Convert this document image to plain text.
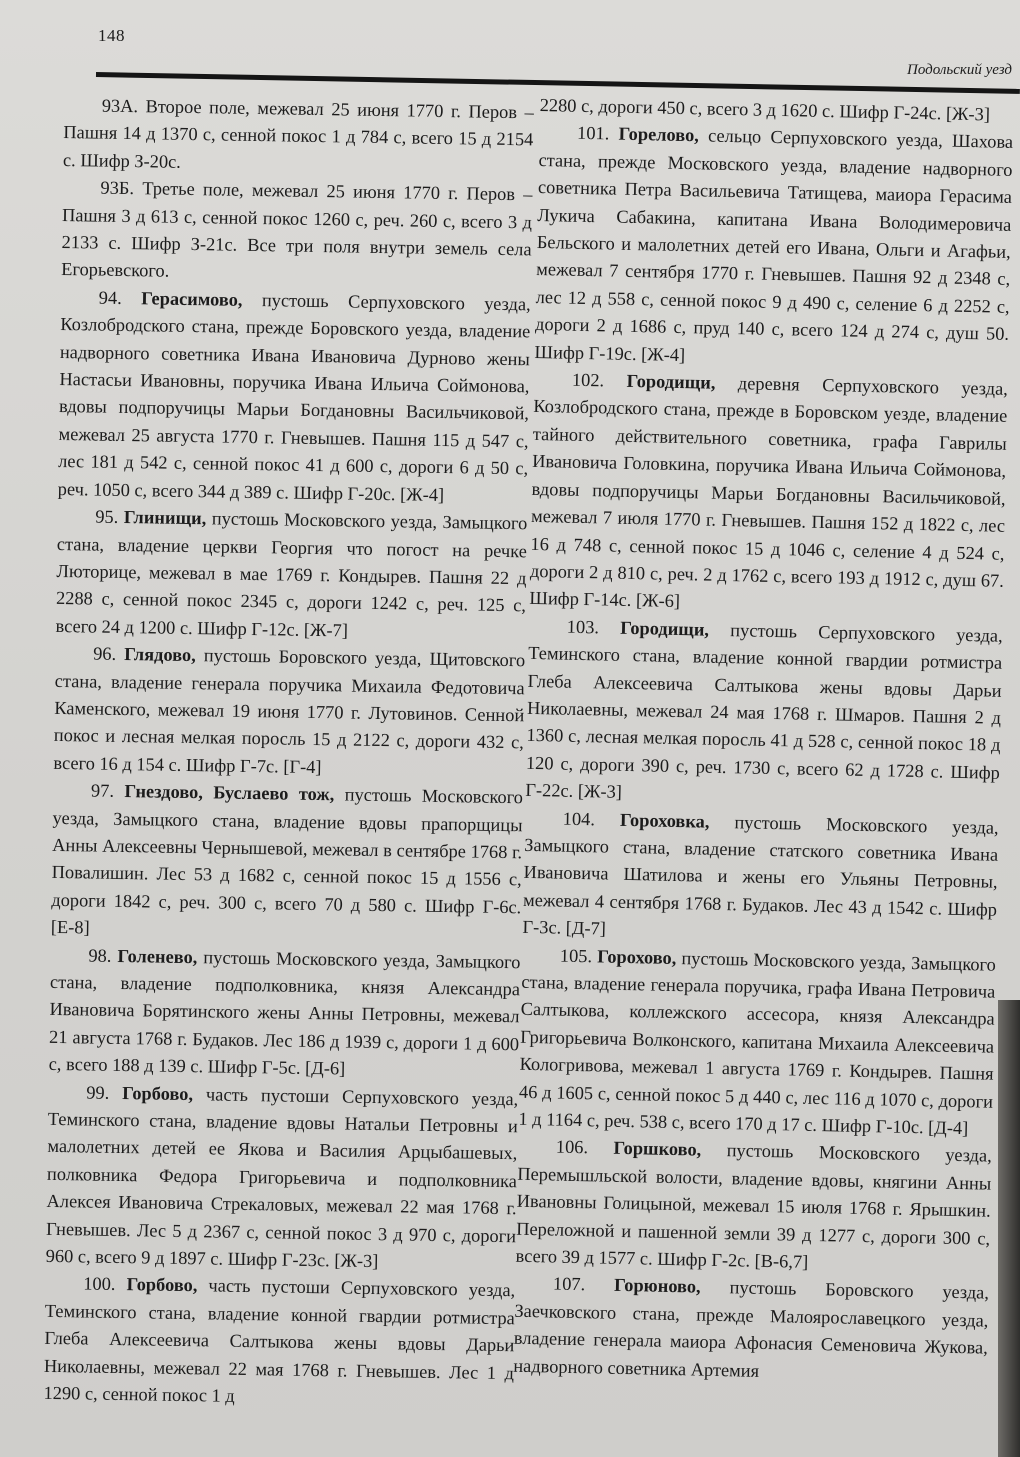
148
Подольский уезд

93А. Второе поле, межевал 25 июня 1770 г. Перов – Пашня 14 д 1370 с, сенной покос 1 д 784 с, всего 15 д 2154 с. Шифр З-20с.

93Б. Третье поле, межевал 25 июня 1770 г. Перов – Пашня 3 д 613 с, сенной покос 1260 с, реч. 260 с, всего 3 д 2133 с. Шифр З-21с. Все три поля внутри земель села Егорьевского.

94. Герасимово, пустошь Серпуховского уезда, Козлобродского стана, прежде Боровского уезда, владение надворного советника Ивана Ивановича Дурново жены Настасьи Ивановны, поручика Ивана Ильича Соймонова, вдовы подпоручицы Марьи Богдановны Васильчиковой, межевал 25 августа 1770 г. Гневышев. Пашня 115 д 547 с, лес 181 д 542 с, сенной покос 41 д 600 с, дороги 6 д 50 с, реч. 1050 с, всего 344 д 389 с. Шифр Г-20с. [Ж-4]

95. Глинищи, пустошь Московского уезда, Замыцкого стана, владение церкви Георгия что погост на речке Люторице, межевал в мае 1769 г. Кондырев. Пашня 22 д 2288 с, сенной покос 2345 с, дороги 1242 с, реч. 125 с, всего 24 д 1200 с. Шифр Г-12с. [Ж-7]

96. Глядово, пустошь Боровского уезда, Щитовского стана, владение генерала поручика Михаила Федотовича Каменского, межевал 19 июня 1770 г. Лутовинов. Сенной покос и лесная мелкая поросль 15 д 2122 с, дороги 432 с, всего 16 д 154 с. Шифр Г-7с. [Г-4]

97. Гнездово, Буслаево тож, пустошь Московского уезда, Замыцкого стана, владение вдовы прапорщицы Анны Алексеевны Чернышевой, межевал в сентябре 1768 г. Повалишин. Лес 53 д 1682 с, сенной покос 15 д 1556 с, дороги 1842 с, реч. 300 с, всего 70 д 580 с. Шифр Г-6с. [Е-8]

98. Голенево, пустошь Московского уезда, Замыцкого стана, владение подполковника, князя Александра Ивановича Борятинского жены Анны Петровны, межевал 21 августа 1768 г. Будаков. Лес 186 д 1939 с, дороги 1 д 600 с, всего 188 д 139 с. Шифр Г-5с. [Д-6]

99. Горбово, часть пустоши Серпуховского уезда, Теминского стана, владение вдовы Натальи Петровны и малолетних детей ее Якова и Василия Арцыбашевых, полковника Федора Григорьевича и подполковника Алексея Ивановича Стрекаловых, межевал 22 мая 1768 г. Гневышев. Лес 5 д 2367 с, сенной покос 3 д 970 с, дороги 960 с, всего 9 д 1897 с. Шифр Г-23с. [Ж-3]

100. Горбово, часть пустоши Серпуховского уезда, Теминского стана, владение конной гвардии ротмистра Глеба Алексеевича Салтыкова жены вдовы Дарьи Николаевны, межевал 22 мая 1768 г. Гневышев. Лес 1 д 1290 с, сенной покос 1 д

2280 с, дороги 450 с, всего 3 д 1620 с. Шифр Г-24с. [Ж-3]

101. Горелово, сельцо Серпуховского уезда, Шахова стана, прежде Московского уезда, владение надворного советника Петра Васильевича Татищева, маиора Герасима Лукича Сабакина, капитана Ивана Володимеровича Бельского и малолетних детей его Ивана, Ольги и Агафьи, межевал 7 сентября 1770 г. Гневышев. Пашня 92 д 2348 с, лес 12 д 558 с, сенной покос 9 д 490 с, селение 6 д 2252 с, дороги 2 д 1686 с, пруд 140 с, всего 124 д 274 с, душ 50. Шифр Г-19с. [Ж-4]

102. Городищи, деревня Серпуховского уезда, Козлобродского стана, прежде в Боровском уезде, владение тайного действительного советника, графа Гаврилы Ивановича Головкина, поручика Ивана Ильича Соймонова, вдовы подпоручицы Марьи Богдановны Васильчиковой, межевал 7 июля 1770 г. Гневышев. Пашня 152 д 1822 с, лес 16 д 748 с, сенной покос 15 д 1046 с, селение 4 д 524 с, дороги 2 д 810 с, реч. 2 д 1762 с, всего 193 д 1912 с, душ 67. Шифр Г-14с. [Ж-6]

103. Городищи, пустошь Серпуховского уезда, Теминского стана, владение конной гвардии ротмистра Глеба Алексеевича Салтыкова жены вдовы Дарьи Николаевны, межевал 24 мая 1768 г. Шмаров. Пашня 2 д 1360 с, лесная мелкая поросль 41 д 528 с, сенной покос 18 д 120 с, дороги 390 с, реч. 1730 с, всего 62 д 1728 с. Шифр Г-22с. [Ж-3]

104. Гороховка, пустошь Московского уезда, Замыцкого стана, владение статского советника Ивана Ивановича Шатилова и жены его Ульяны Петровны, межевал 4 сентября 1768 г. Будаков. Лес 43 д 1542 с. Шифр Г-3с. [Д-7]

105. Горохово, пустошь Московского уезда, Замыцкого стана, владение генерала поручика, графа Ивана Петровича Салтыкова, коллежского ассесора, князя Александра Григорьевича Волконского, капитана Михаила Алексеевича Кологривова, межевал 1 августа 1769 г. Кондырев. Пашня 46 д 1605 с, сенной покос 5 д 440 с, лес 116 д 1070 с, дороги 1 д 1164 с, реч. 538 с, всего 170 д 17 с. Шифр Г-10с. [Д-4]

106. Горшково, пустошь Московского уезда, Перемышльской волости, владение вдовы, княгини Анны Ивановны Голицыной, межевал 15 июля 1768 г. Ярышкин. Переложной и пашенной земли 39 д 1277 с, дороги 300 с, всего 39 д 1577 с. Шифр Г-2с. [В-6,7]

107. Горюново, пустошь Боровского уезда, Заечковского стана, прежде Малоярославецкого уезда, владение генерала маиора Афонасия Семеновича Жукова, надворного советника Артемия
